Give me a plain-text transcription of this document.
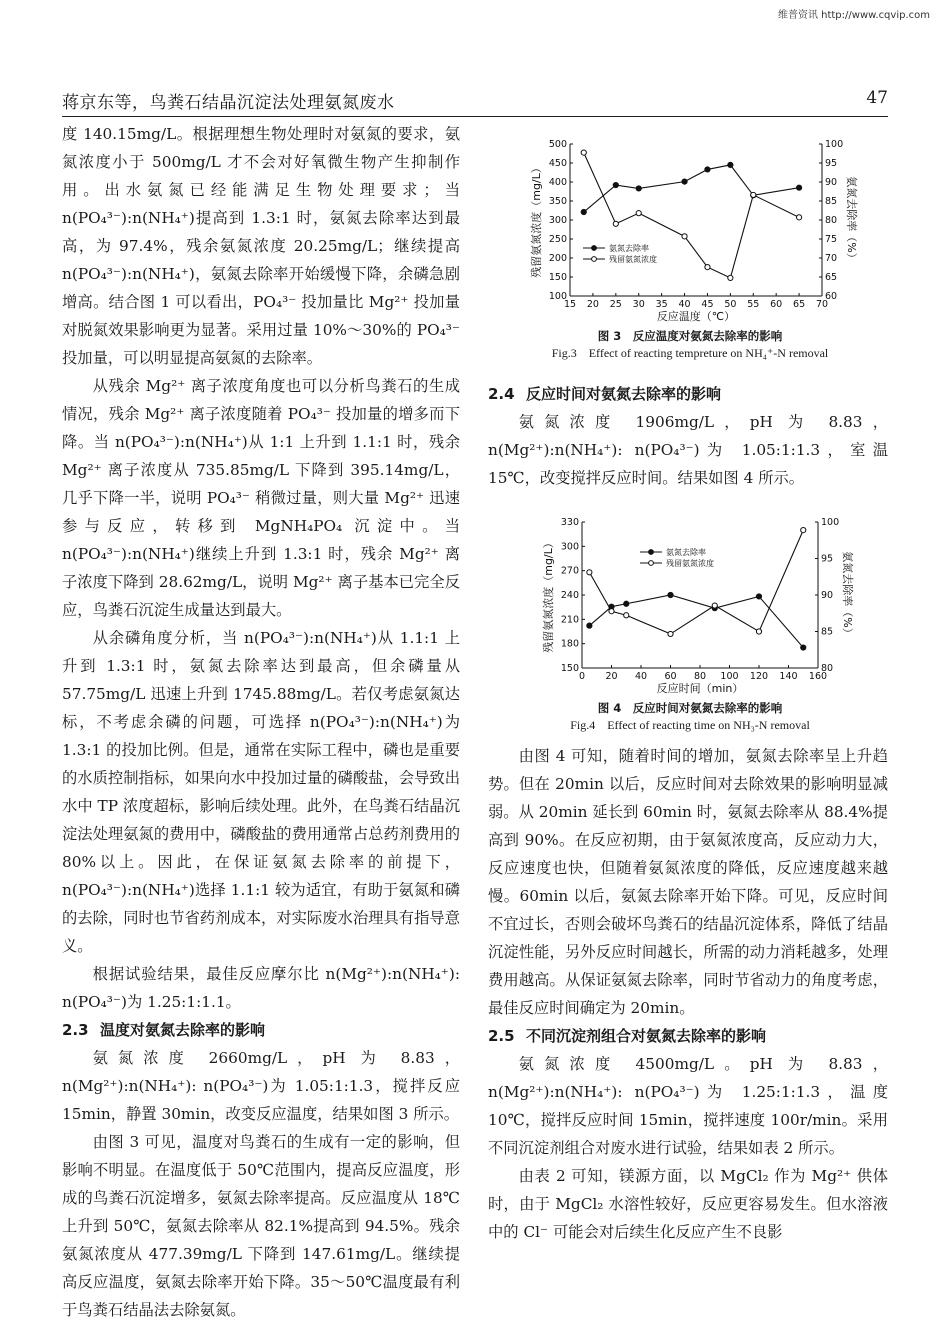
维普资讯 http://www.cqvip.com
蒋京东等，鸟粪石结晶沉淀法处理氨氮废水	47

度 140.15mg/L。根据理想生物处理时对氨氮的要求，氨氮浓度小于 500mg/L 才不会对好氧微生物产生抑制作用。出水氨氮已经能满足生物处理要求；当 n(PO₄³⁻):n(NH₄⁺)提高到 1.3:1 时，氨氮去除率达到最高，为 97.4%，残余氨氮浓度 20.25mg/L；继续提高 n(PO₄³⁻):n(NH₄⁺)，氨氮去除率开始缓慢下降，余磷急剧增高。结合图 1 可以看出，PO₄³⁻ 投加量比 Mg²⁺ 投加量对脱氮效果影响更为显著。采用过量 10%～30%的 PO₄³⁻ 投加量，可以明显提高氨氮的去除率。

从残余 Mg²⁺ 离子浓度角度也可以分析鸟粪石的生成情况，残余 Mg²⁺ 离子浓度随着 PO₄³⁻ 投加量的增多而下降。当 n(PO₄³⁻):n(NH₄⁺)从 1:1 上升到 1.1:1 时，残余 Mg²⁺ 离子浓度从 735.85mg/L 下降到 395.14mg/L，几乎下降一半，说明 PO₄³⁻ 稍微过量，则大量 Mg²⁺ 迅速参与反应，转移到 MgNH₄PO₄ 沉淀中。当 n(PO₄³⁻):n(NH₄⁺)继续上升到 1.3:1 时，残余 Mg²⁺ 离子浓度下降到 28.62mg/L，说明 Mg²⁺ 离子基本已完全反应，鸟粪石沉淀生成量达到最大。

从余磷角度分析，当 n(PO₄³⁻):n(NH₄⁺)从 1.1:1 上升到 1.3:1 时，氨氮去除率达到最高，但余磷量从 57.75mg/L 迅速上升到 1745.88mg/L。若仅考虑氨氮达标，不考虑余磷的问题，可选择 n(PO₄³⁻):n(NH₄⁺)为 1.3:1 的投加比例。但是，通常在实际工程中，磷也是重要的水质控制指标，如果向水中投加过量的磷酸盐，会导致出水中 TP 浓度超标，影响后续处理。此外，在鸟粪石结晶沉淀法处理氨氮的费用中，磷酸盐的费用通常占总药剂费用的 80%以上。因此，在保证氨氮去除率的前提下，n(PO₄³⁻):n(NH₄⁺)选择 1.1:1 较为适宜，有助于氨氮和磷的去除，同时也节省药剂成本，对实际废水治理具有指导意义。

根据试验结果，最佳反应摩尔比 n(Mg²⁺):n(NH₄⁺): n(PO₄³⁻)为 1.25:1:1.1。

2.3 温度对氨氮去除率的影响

氨氮浓度 2660mg/L，pH 为 8.83，n(Mg²⁺):n(NH₄⁺): n(PO₄³⁻)为 1.05:1:1.3，搅拌反应 15min，静置 30min，改变反应温度，结果如图 3 所示。

由图 3 可见，温度对鸟粪石的生成有一定的影响，但影响不明显。在温度低于 50℃范围内，提高反应温度，形成的鸟粪石沉淀增多，氨氮去除率提高。反应温度从 18℃上升到 50℃，氨氮去除率从 82.1%提高到 94.5%。残余氨氮浓度从 477.39mg/L 下降到 147.61mg/L。继续提高反应温度，氨氮去除率开始下降。35～50℃温度最有利于鸟粪石结晶法去除氨氮。

15 20 25 30 35 40 45 50 55 60 65 70
100
150
200
250
300
350
400
450
500
60
65
70
75
80
85
90
95
100
反应温度（℃）
残留氨氮浓度（mg/L）	氨氮去除率（%）
氨氮去除率
残留氨氮浓度
图 3　反应温度对氨氮去除率的影响
Fig.3　Effect of reacting tempreture on NH₄⁺-N removal

2.4 反应时间对氨氮去除率的影响

氨氮浓度 1906mg/L，pH 为 8.83，n(Mg²⁺):n(NH₄⁺): n(PO₄³⁻)为 1.05:1:1.3，室温 15℃，改变搅拌反应时间。结果如图 4 所示。

0 20 40 60 80 100 120 140 160
150
180
210
240
270
300
330
80
85
90
95
100
反应时间（min）
残留氨氮浓度（mg/L）	氨氮去除率（%）
氨氮去除率
残留氨氮浓度
图 4　反应时间对氨氮去除率的影响
Fig.4　Effect of reacting time on NH₃-N removal

由图 4 可知，随着时间的增加，氨氮去除率呈上升趋势。但在 20min 以后，反应时间对去除效果的影响明显减弱。从 20min 延长到 60min 时，氨氮去除率从 88.4%提高到 90%。在反应初期，由于氨氮浓度高，反应动力大，反应速度也快，但随着氨氮浓度的降低，反应速度越来越慢。60min 以后，氨氮去除率开始下降。可见，反应时间不宜过长，否则会破坏鸟粪石的结晶沉淀体系，降低了结晶沉淀性能，另外反应时间越长，所需的动力消耗越多，处理费用越高。从保证氨氮去除率，同时节省动力的角度考虑，最佳反应时间确定为 20min。

2.5 不同沉淀剂组合对氨氮去除率的影响

氨氮浓度 4500mg/L。pH 为 8.83，n(Mg²⁺):n(NH₄⁺): n(PO₄³⁻)为 1.25:1:1.3，温度 10℃，搅拌反应时间 15min，搅拌速度 100r/min。采用不同沉淀剂组合对废水进行试验，结果如表 2 所示。

由表 2 可知，镁源方面，以 MgCl₂ 作为 Mg²⁺ 供体时，由于 MgCl₂ 水溶性较好，反应更容易发生。但水溶液中的 Cl⁻ 可能会对后续生化反应产生不良影
